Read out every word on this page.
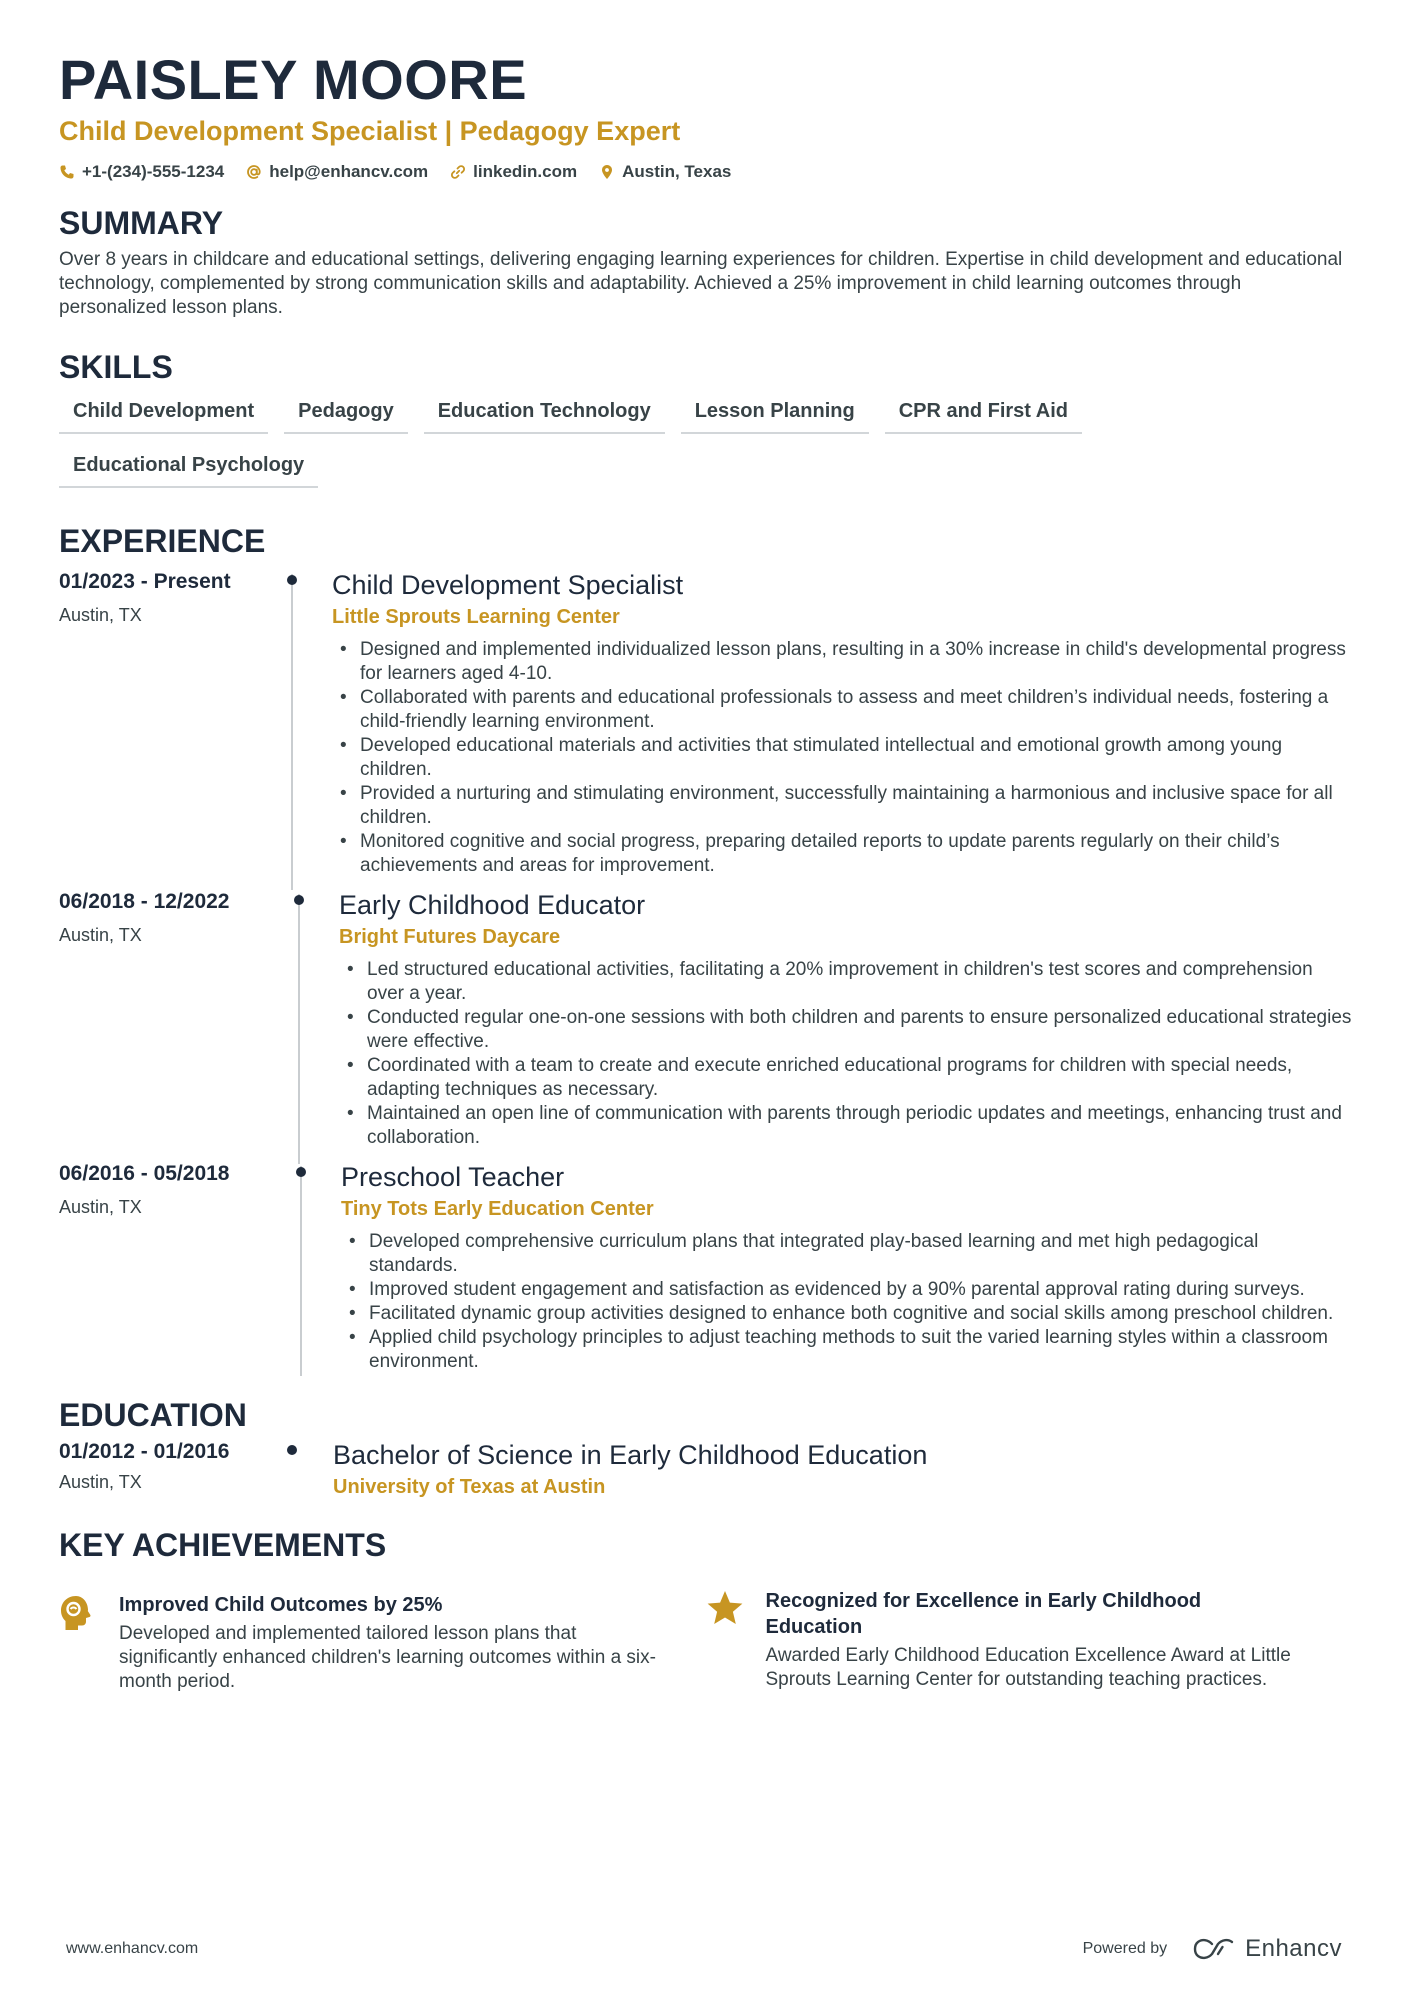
PAISLEY MOORE
Child Development Specialist | Pedagogy Expert
+1-(234)-555-1234	help@enhancv.com	linkedin.com	Austin, Texas
SUMMARY
Over 8 years in childcare and educational settings, delivering engaging learning experiences for children. Expertise in child development and educational technology, complemented by strong communication skills and adaptability. Achieved a 25% improvement in child learning outcomes through personalized lesson plans.
SKILLS
Child Development	Pedagogy	Education Technology	Lesson Planning	CPR and First Aid
Educational Psychology
EXPERIENCE
01/2023 - Present
Austin, TX
Child Development Specialist
Little Sprouts Learning Center
• Designed and implemented individualized lesson plans, resulting in a 30% increase in child's developmental progress for learners aged 4-10.
• Collaborated with parents and educational professionals to assess and meet children’s individual needs, fostering a child-friendly learning environment.
• Developed educational materials and activities that stimulated intellectual and emotional growth among young children.
• Provided a nurturing and stimulating environment, successfully maintaining a harmonious and inclusive space for all children.
• Monitored cognitive and social progress, preparing detailed reports to update parents regularly on their child’s achievements and areas for improvement.
06/2018 - 12/2022
Austin, TX
Early Childhood Educator
Bright Futures Daycare
• Led structured educational activities, facilitating a 20% improvement in children's test scores and comprehension over a year.
• Conducted regular one-on-one sessions with both children and parents to ensure personalized educational strategies were effective.
• Coordinated with a team to create and execute enriched educational programs for children with special needs, adapting techniques as necessary.
• Maintained an open line of communication with parents through periodic updates and meetings, enhancing trust and collaboration.
06/2016 - 05/2018
Austin, TX
Preschool Teacher
Tiny Tots Early Education Center
• Developed comprehensive curriculum plans that integrated play-based learning and met high pedagogical standards.
• Improved student engagement and satisfaction as evidenced by a 90% parental approval rating during surveys.
• Facilitated dynamic group activities designed to enhance both cognitive and social skills among preschool children.
• Applied child psychology principles to adjust teaching methods to suit the varied learning styles within a classroom environment.
EDUCATION
01/2012 - 01/2016
Austin, TX
Bachelor of Science in Early Childhood Education
University of Texas at Austin
KEY ACHIEVEMENTS
Improved Child Outcomes by 25%
Developed and implemented tailored lesson plans that significantly enhanced children's learning outcomes within a six-month period.
Recognized for Excellence in Early Childhood Education
Awarded Early Childhood Education Excellence Award at Little Sprouts Learning Center for outstanding teaching practices.
www.enhancv.com	Powered by	Enhancv
